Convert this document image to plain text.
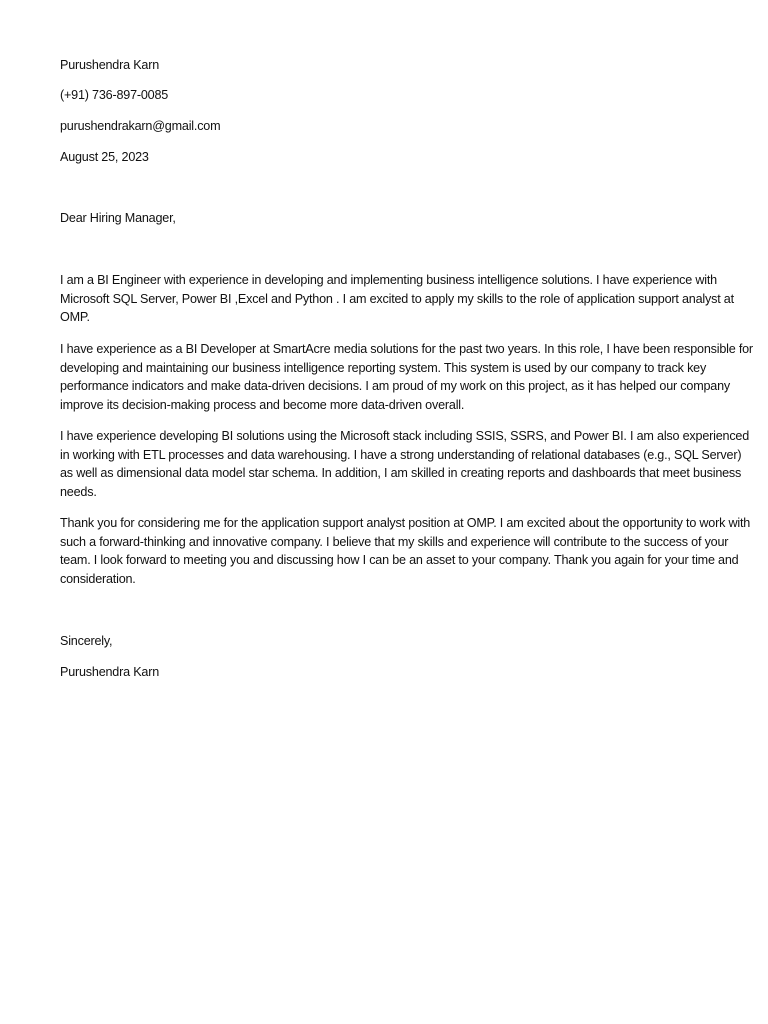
Purushendra Karn

(+91) 736-897-0085

purushendrakarn@gmail.com

August 25, 2023

Dear Hiring Manager,

I am a BI Engineer with experience in developing and implementing business intelligence solutions. I have experience with Microsoft SQL Server, Power BI ,Excel and Python . I am excited to apply my skills to the role of application support analyst at OMP.

I have experience as a BI Developer at SmartAcre media solutions for the past two years. In this role, I have been responsible for developing and maintaining our business intelligence reporting system. This system is used by our company to track key performance indicators and make data-driven decisions. I am proud of my work on this project, as it has helped our company improve its decision-making process and become more data-driven overall.

I have experience developing BI solutions using the Microsoft stack including SSIS, SSRS, and Power BI. I am also experienced in working with ETL processes and data warehousing. I have a strong understanding of relational databases (e.g., SQL Server) as well as dimensional data model star schema. In addition, I am skilled in creating reports and dashboards that meet business needs.

Thank you for considering me for the application support analyst position at OMP. I am excited about the opportunity to work with such a forward-thinking and innovative company. I believe that my skills and experience will contribute to the success of your team. I look forward to meeting you and discussing how I can be an asset to your company. Thank you again for your time and consideration.

Sincerely,

Purushendra Karn
